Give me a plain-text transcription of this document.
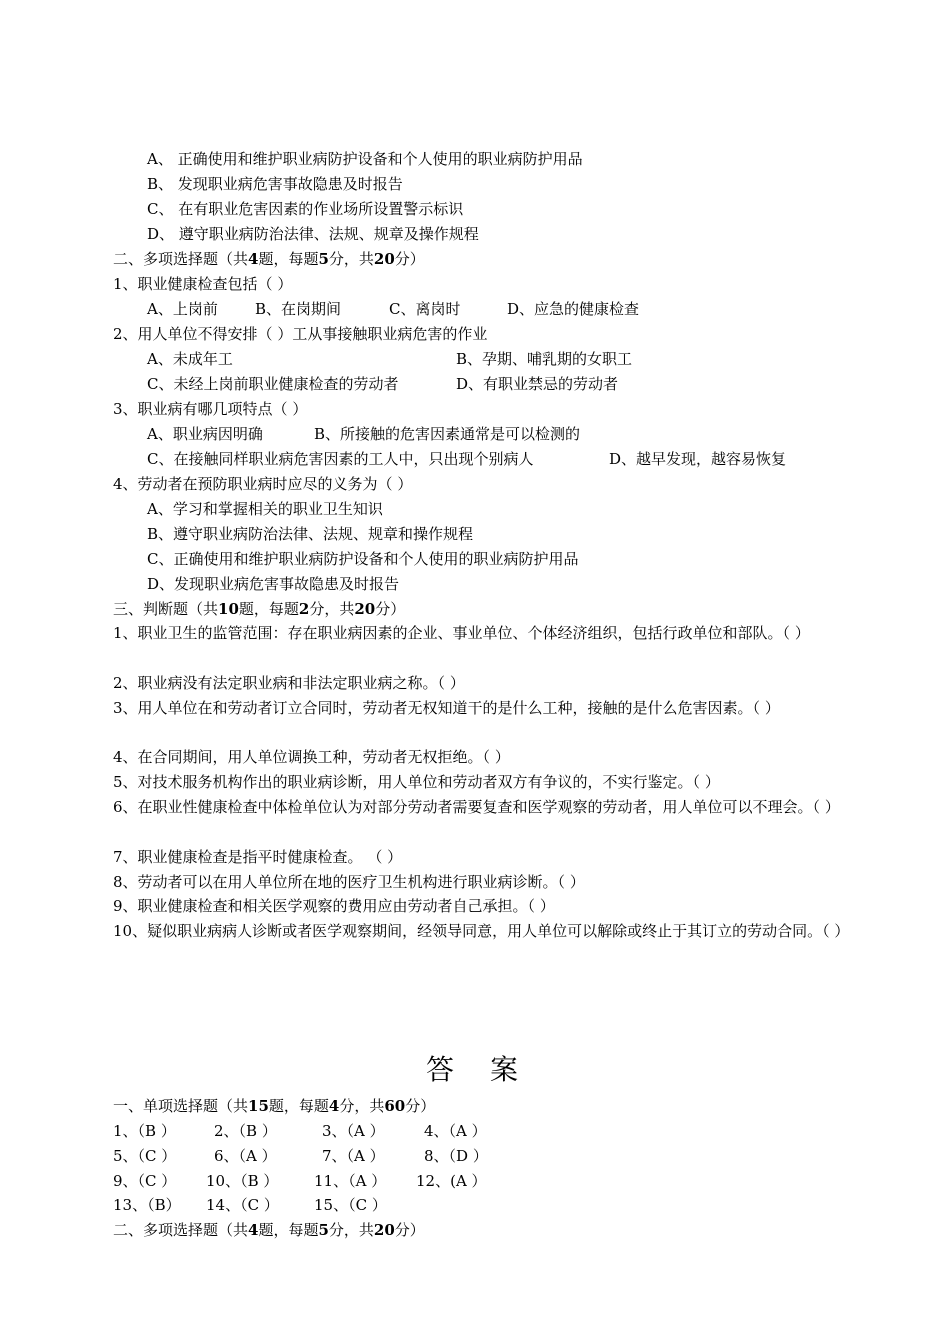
A、 正确使用和维护职业病防护设备和个人使用的职业病防护用品
B、 发现职业病危害事故隐患及时报告
C、 在有职业危害因素的作业场所设置警示标识
D、 遵守职业病防治法律、法规、规章及操作规程
二、多项选择题（共4题，每题5分，共20分）
1、职业健康检查包括（ ）
A、上岗前 B、在岗期间	C、离岗时	D、应急的健康检查
2、用人单位不得安排（ ）工从事接触职业病危害的作业
A、未成年工	B、孕期、哺乳期的女职工
C、未经上岗前职业健康检查的劳动者	D、有职业禁忌的劳动者
3、职业病有哪几项特点（ ）
A、职业病因明确	B、所接触的危害因素通常是可以检测的
C、在接触同样职业病危害因素的工人中，只出现个别病人	D、越早发现，越容易恢复
4、劳动者在预防职业病时应尽的义务为（ ）
A、学习和掌握相关的职业卫生知识
B、遵守职业病防治法律、法规、规章和操作规程
C、正确使用和维护职业病防护设备和个人使用的职业病防护用品
D、发现职业病危害事故隐患及时报告
三、判断题（共10题，每题2分，共20分）
1、职业卫生的监管范围：存在职业病因素的企业、事业单位、个体经济组织，包括行政单位和部队。（ ）
2、职业病没有法定职业病和非法定职业病之称。（ ）
3、用人单位在和劳动者订立合同时，劳动者无权知道干的是什么工种，接触的是什么危害因素。（ ）
4、在合同期间，用人单位调换工种，劳动者无权拒绝。（ ）
5、对技术服务机构作出的职业病诊断，用人单位和劳动者双方有争议的，不实行鉴定。（ ）
6、在职业性健康检查中体检单位认为对部分劳动者需要复查和医学观察的劳动者，用人单位可以不理会。（ ）
7、职业健康检查是指平时健康检查。 （ ）
8、劳动者可以在用人单位所在地的医疗卫生机构进行职业病诊断。（ ）
9、职业健康检查和相关医学观察的费用应由劳动者自己承担。（ ）
10、疑似职业病病人诊断或者医学观察期间，经领导同意，用人单位可以解除或终止于其订立的劳动合同。（ ）
答案
一、单项选择题（共15题，每题4分，共60分）
1、（B ）	2、（B ）	3、（A ）	4、（A ）
5、（C ）	6、（A ）	7、（A ）	8、（D ）
9、（C ） 10、（B ） 11、（A ） 12、(A ）
13、（B） 14、（C ） 15、（C ）
二、多项选择题（共4题，每题5分，共20分）
